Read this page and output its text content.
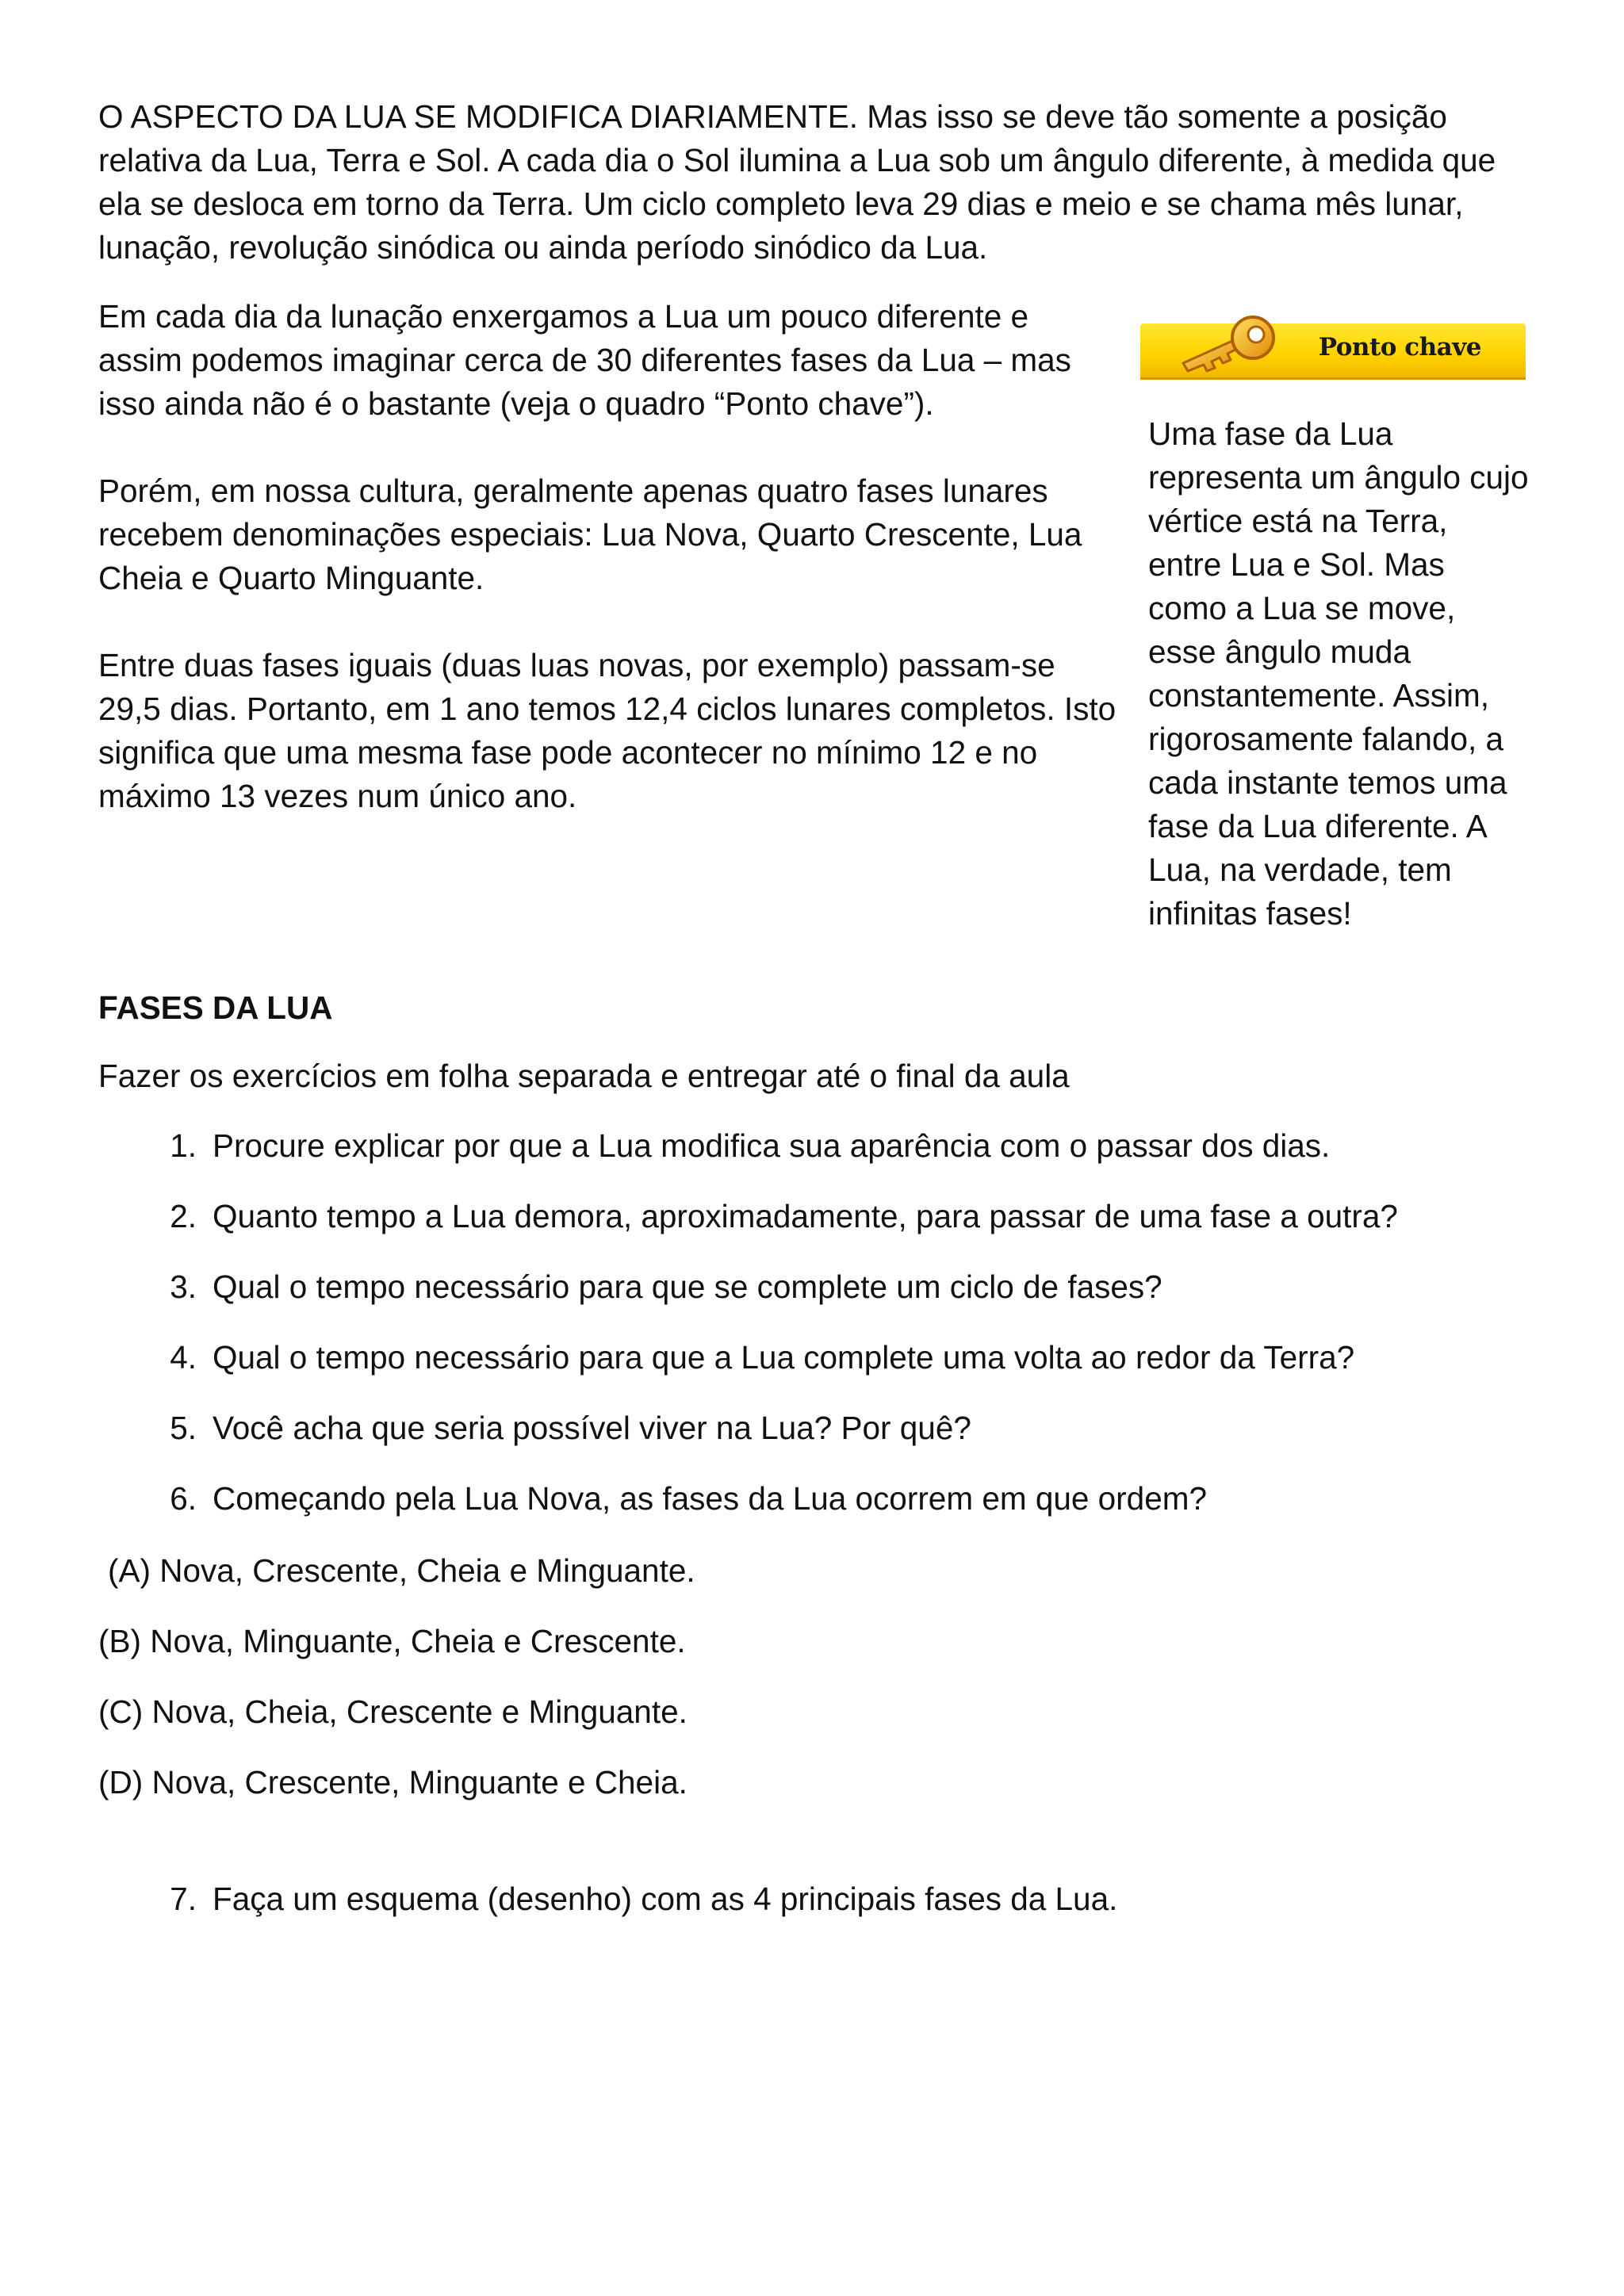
O ASPECTO DA LUA SE MODIFICA DIARIAMENTE. Mas isso se deve tão somente a posição relativa da Lua, Terra e Sol. A cada dia o Sol ilumina a Lua sob um ângulo diferente, à medida que ela se desloca em torno da Terra. Um ciclo completo leva 29 dias e meio e se chama mês lunar, lunação, revolução sinódica ou ainda período sinódico da Lua.

Em cada dia da lunação enxergamos a Lua um pouco diferente e assim podemos imaginar cerca de 30 diferentes fases da Lua – mas isso ainda não é o bastante (veja o quadro “Ponto chave”).

Porém, em nossa cultura, geralmente apenas quatro fases lunares recebem denominações especiais: Lua Nova, Quarto Crescente, Lua Cheia e Quarto Minguante.

Entre duas fases iguais (duas luas novas, por exemplo) passam-se 29,5 dias. Portanto, em 1 ano temos 12,4 ciclos lunares completos. Isto significa que uma mesma fase pode acontecer no mínimo 12 e no máximo 13 vezes num único ano.

Ponto chave

Uma fase da Lua representa um ângulo cujo vértice está na Terra, entre Lua e Sol. Mas como a Lua se move, esse ângulo muda constantemente. Assim, rigorosamente falando, a cada instante temos uma fase da Lua diferente. A Lua, na verdade, tem infinitas fases!

FASES DA LUA

Fazer os exercícios em folha separada e entregar até o final da aula

1. Procure explicar por que a Lua modifica sua aparência com o passar dos dias.
2. Quanto tempo a Lua demora, aproximadamente, para passar de uma fase a outra?
3. Qual o tempo necessário para que se complete um ciclo de fases?
4. Qual o tempo necessário para que a Lua complete uma volta ao redor da Terra?
5. Você acha que seria possível viver na Lua? Por quê?
6. Começando pela Lua Nova, as fases da Lua ocorrem em que ordem?
(A) Nova, Crescente, Cheia e Minguante.
(B) Nova, Minguante, Cheia e Crescente.
(C) Nova, Cheia, Crescente e Minguante.
(D) Nova, Crescente, Minguante e Cheia.
7. Faça um esquema (desenho) com as 4 principais fases da Lua.
